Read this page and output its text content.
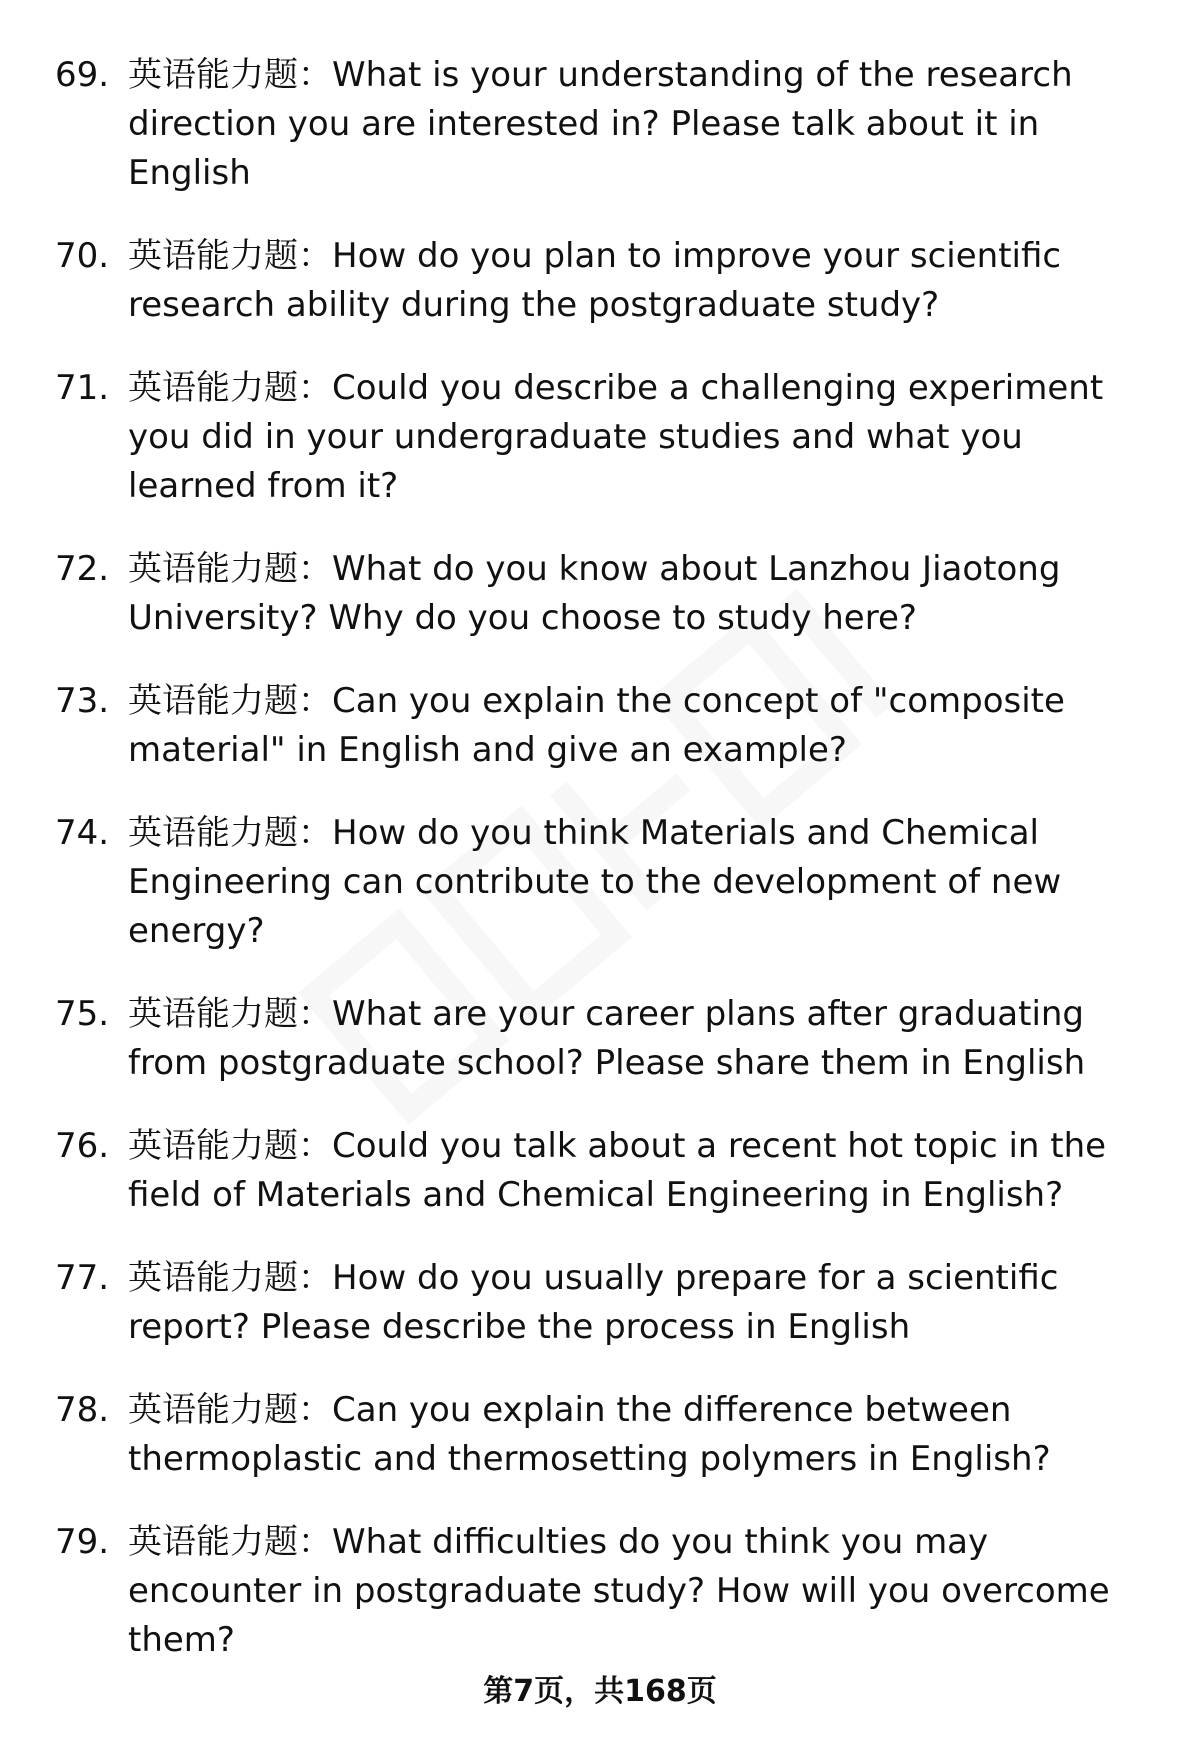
69. 英语能力题：What is your understanding of the research
direction you are interested in? Please talk about it in
English
70. 英语能力题：How do you plan to improve your scientific
research ability during the postgraduate study?
71. 英语能力题：Could you describe a challenging experiment
you did in your undergraduate studies and what you
learned from it?
72. 英语能力题：What do you know about Lanzhou Jiaotong
University? Why do you choose to study here?
73. 英语能力题：Can you explain the concept of "composite
material" in English and give an example?
74. 英语能力题：How do you think Materials and Chemical
Engineering can contribute to the development of new
energy?
75. 英语能力题：What are your career plans after graduating
from postgraduate school? Please share them in English
76. 英语能力题：Could you talk about a recent hot topic in the
field of Materials and Chemical Engineering in English?
77. 英语能力题：How do you usually prepare for a scientific
report? Please describe the process in English
78. 英语能力题：Can you explain the difference between
thermoplastic and thermosetting polymers in English?
79. 英语能力题：What difficulties do you think you may
encounter in postgraduate study? How will you overcome
them?
第7页，共168页
